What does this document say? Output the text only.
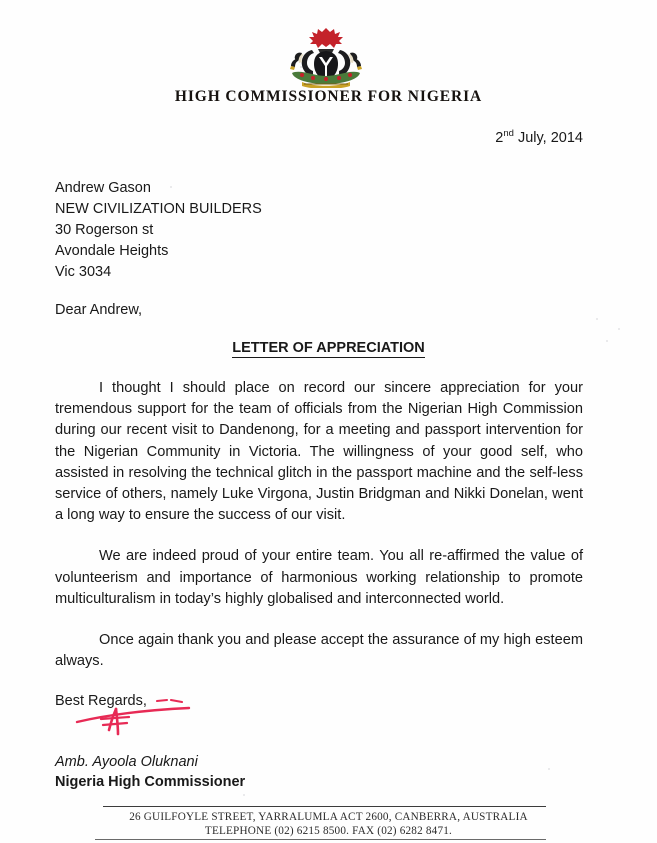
HIGH COMMISSIONER FOR NIGERIA
2nd July, 2014
Andrew Gason
NEW CIVILIZATION BUILDERS
30 Rogerson st
Avondale Heights
Vic 3034
Dear Andrew,
LETTER OF APPRECIATION

I thought I should place on record our sincere appreciation for your tremendous support for the team of officials from the Nigerian High Commission during our recent visit to Dandenong, for a meeting and passport intervention for the Nigerian Community in Victoria. The willingness of your good self, who assisted in resolving the technical glitch in the passport machine and the self-less service of others, namely Luke Virgona, Justin Bridgman and Nikki Donelan, went a long way to ensure the success of our visit.

We are indeed proud of your entire team. You all re-affirmed the value of volunteerism and importance of harmonious working relationship to promote multiculturalism in today’s highly globalised and interconnected world.

Once again thank you and please accept the assurance of my high esteem always.

Best Regards,
Amb. Ayoola Oluknani
Nigeria High Commissioner
26 GUILFOYLE STREET, YARRALUMLA ACT 2600, CANBERRA, AUSTRALIA
TELEPHONE (02) 6215 8500. FAX (02) 6282 8471.
